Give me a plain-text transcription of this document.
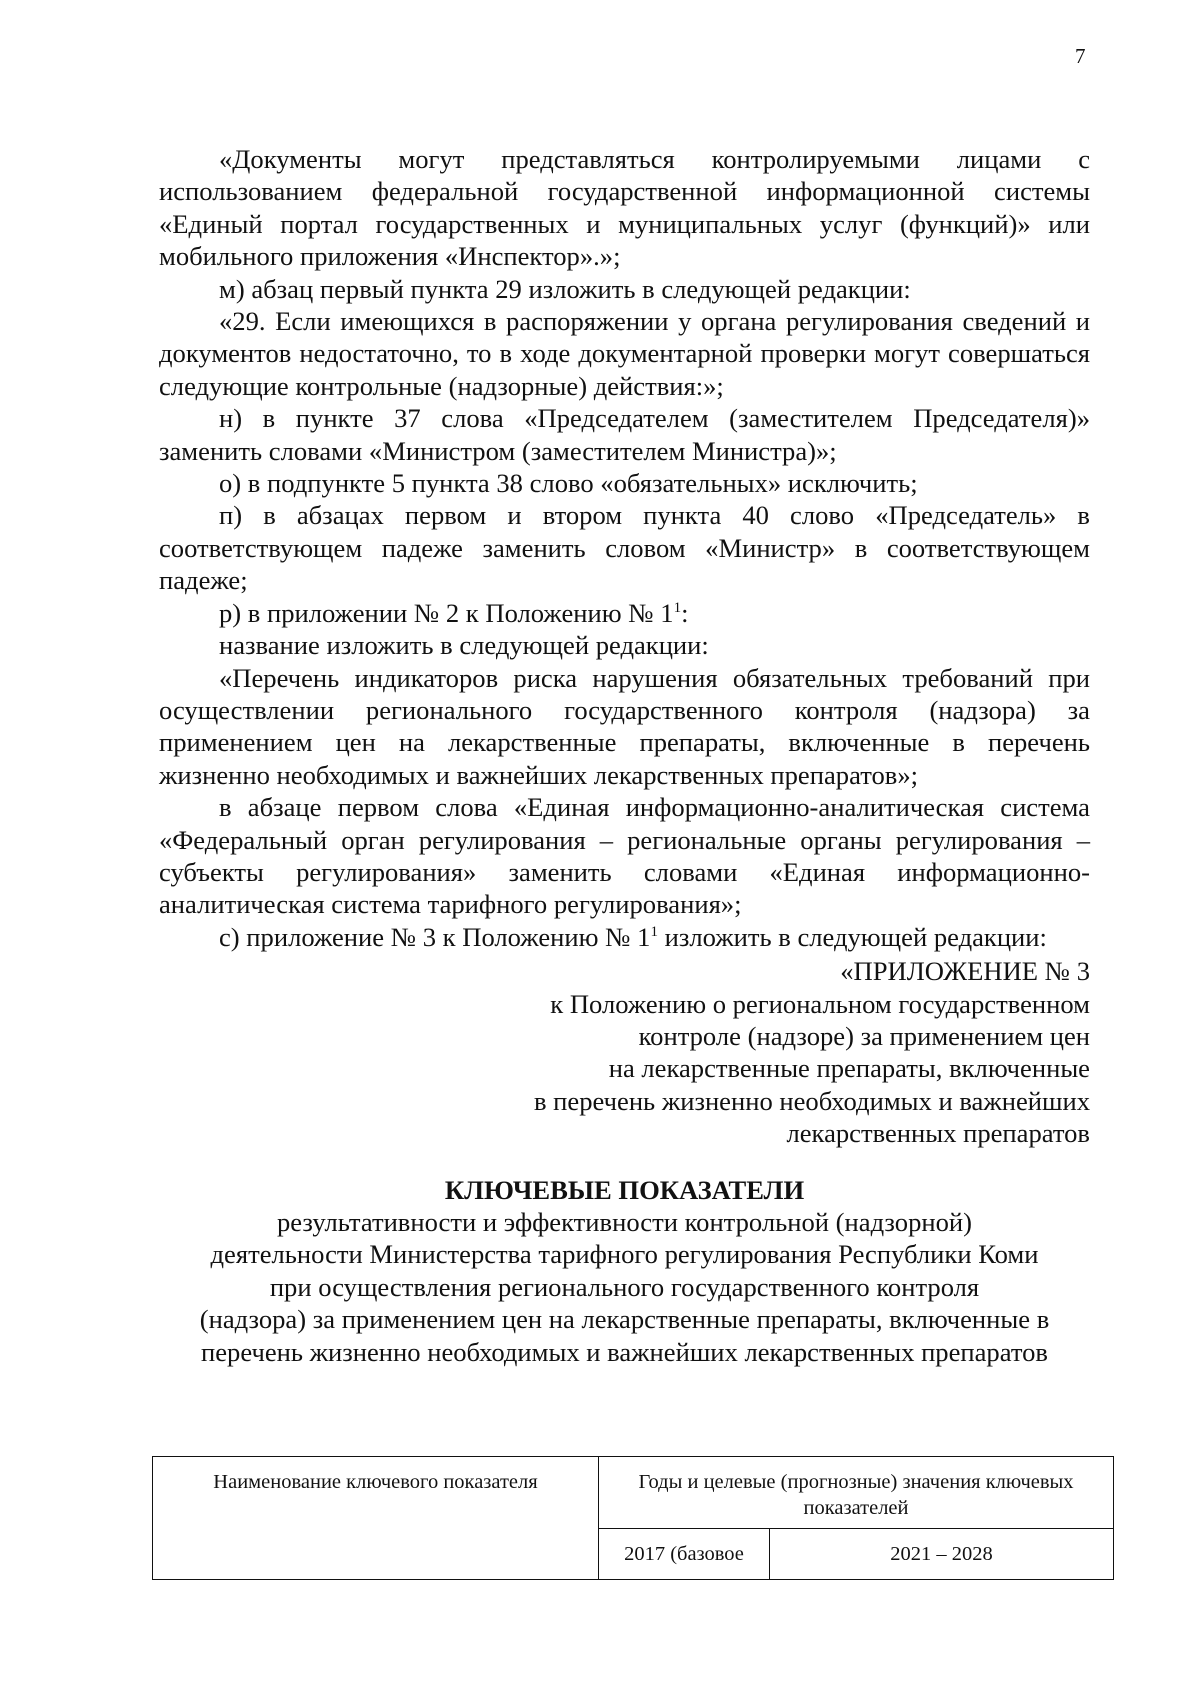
7

«Документы могут представляться контролируемыми лицами с использованием федеральной государственной информационной системы «Единый портал государственных и муниципальных услуг (функций)» или мобильного приложения «Инспектор».»;

м) абзац первый пункта 29 изложить в следующей редакции:

«29. Если имеющихся в распоряжении у органа регулирования сведений и документов недостаточно, то в ходе документарной проверки могут совершаться следующие контрольные (надзорные) действия:»;

н) в пункте 37 слова «Председателем (заместителем Председателя)» заменить словами «Министром (заместителем Министра)»;

о) в подпункте 5 пункта 38 слово «обязательных» исключить;

п) в абзацах первом и втором пункта 40 слово «Председатель» в соответствующем падеже заменить словом «Министр» в соответствующем падеже;

р) в приложении № 2 к Положению № $1^1$:

название изложить в следующей редакции:

«Перечень индикаторов риска нарушения обязательных требований при осуществлении регионального государственного контроля (надзора) за применением цен на лекарственные препараты, включенные в перечень жизненно необходимых и важнейших лекарственных препаратов»;

в абзаце первом слова «Единая информационно-аналитическая система «Федеральный орган регулирования – региональные органы регулирования – субъекты регулирования» заменить словами «Единая информационно-аналитическая система тарифного регулирования»;

с) приложение № 3 к Положению № $1^1$ изложить в следующей редакции:

«ПРИЛОЖЕНИЕ № 3
к Положению о региональном государственном
контроле (надзоре) за применением цен
на лекарственные препараты, включенные
в перечень жизненно необходимых и важнейших
лекарственных препаратов
КЛЮЧЕВЫЕ ПОКАЗАТЕЛИ
результативности и эффективности контрольной (надзорной)
деятельности Министерства тарифного регулирования Республики Коми
при осуществления регионального государственного контроля
(надзора) за применением цен на лекарственные препараты, включенные в
перечень жизненно необходимых и важнейших лекарственных препаратов
Наименование ключевого показателя	Годы и целевые (прогнозные) значения ключевых показателей	
	2017 (базовое	2021 – 2028
